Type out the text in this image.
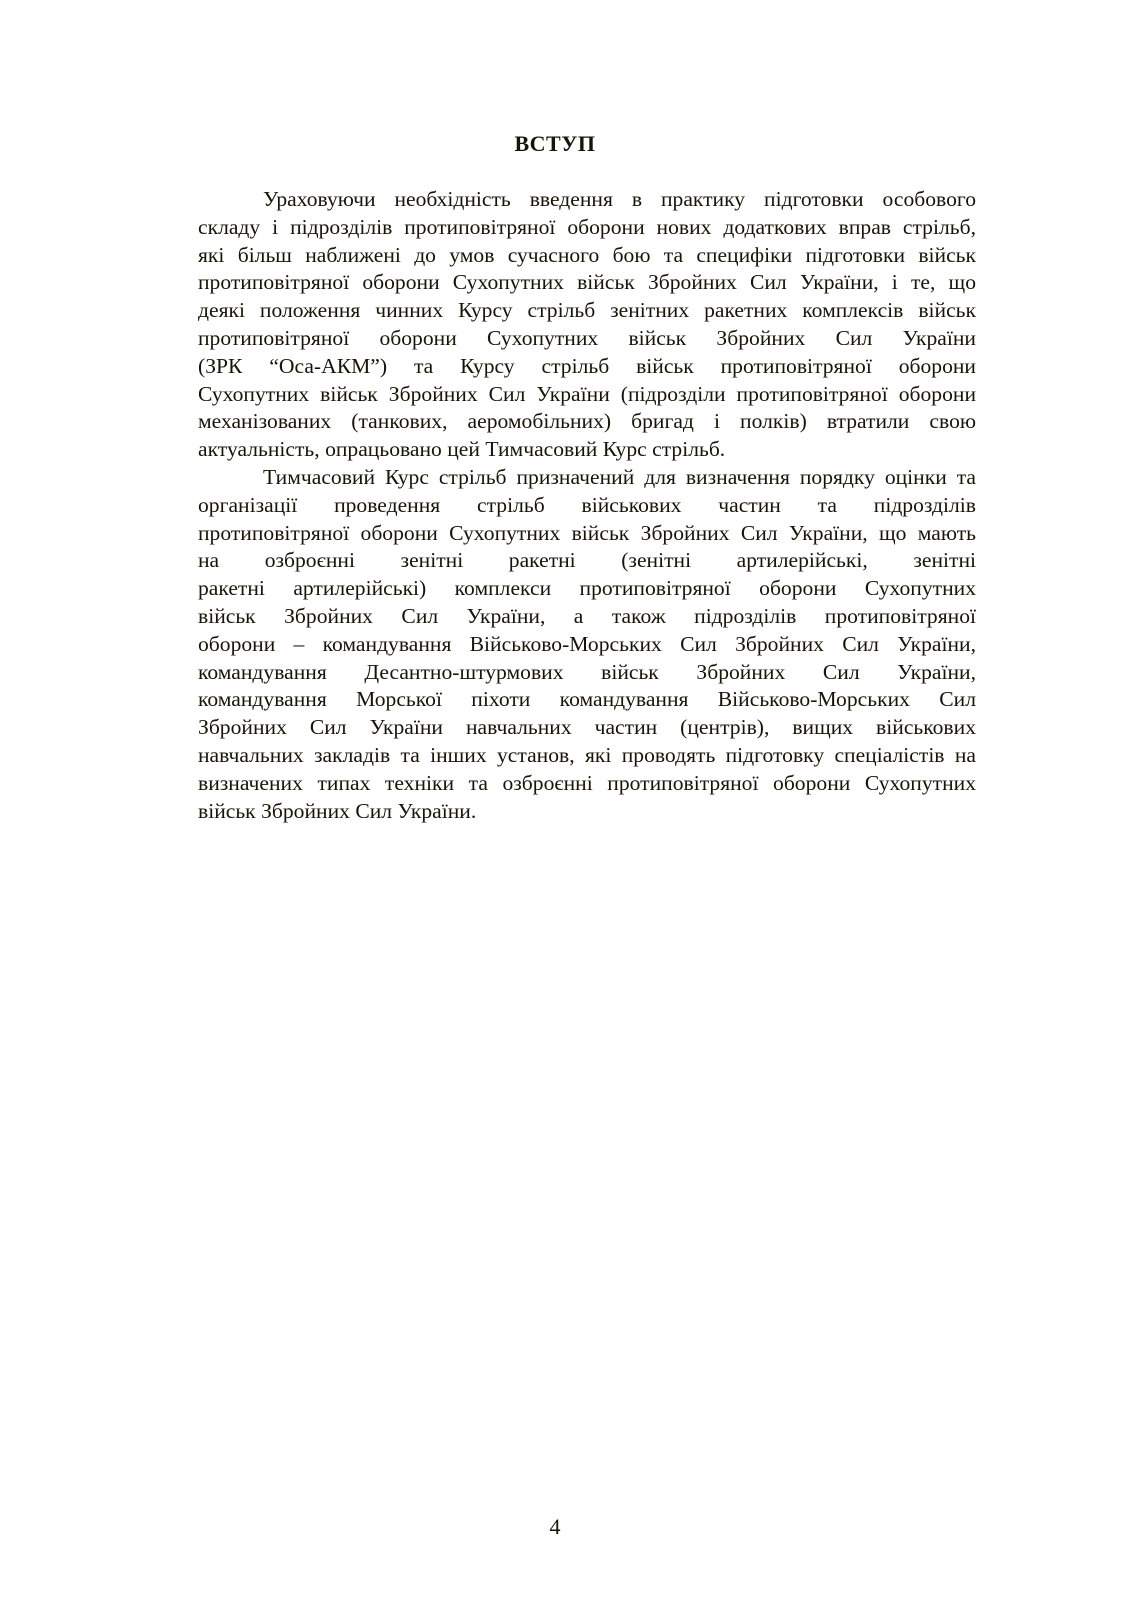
ВСТУП
Ураховуючи необхідність введення в практику підготовки особового
складу і підрозділів протиповітряної оборони нових додаткових вправ стрільб,
які більш наближені до умов сучасного бою та специфіки підготовки військ
протиповітряної оборони Сухопутних військ Збройних Сил України, і те, що
деякі положення чинних Курсу стрільб зенітних ракетних комплексів військ
протиповітряної оборони Сухопутних військ Збройних Сил України
(ЗРК “Оса-АКМ”) та Курсу стрільб військ протиповітряної оборони
Сухопутних військ Збройних Сил України (підрозділи протиповітряної оборони
механізованих (танкових, аеромобільних) бригад і полків) втратили свою
актуальність, опрацьовано цей Тимчасовий Курс стрільб.
Тимчасовий Курс стрільб призначений для визначення порядку оцінки та
організації проведення стрільб військових частин та підрозділів
протиповітряної оборони Сухопутних військ Збройних Сил України, що мають
на озброєнні зенітні ракетні (зенітні артилерійські, зенітні
ракетні артилерійські) комплекси протиповітряної оборони Сухопутних
військ Збройних Сил України, а також підрозділів протиповітряної
оборони – командування Військово-Морських Сил Збройних Сил України,
командування Десантно-штурмових військ Збройних Сил України,
командування Морської піхоти командування Військово-Морських Сил
Збройних Сил України навчальних частин (центрів), вищих військових
навчальних закладів та інших установ, які проводять підготовку спеціалістів на
визначених типах техніки та озброєнні протиповітряної оборони Сухопутних
військ Збройних Сил України.
4
